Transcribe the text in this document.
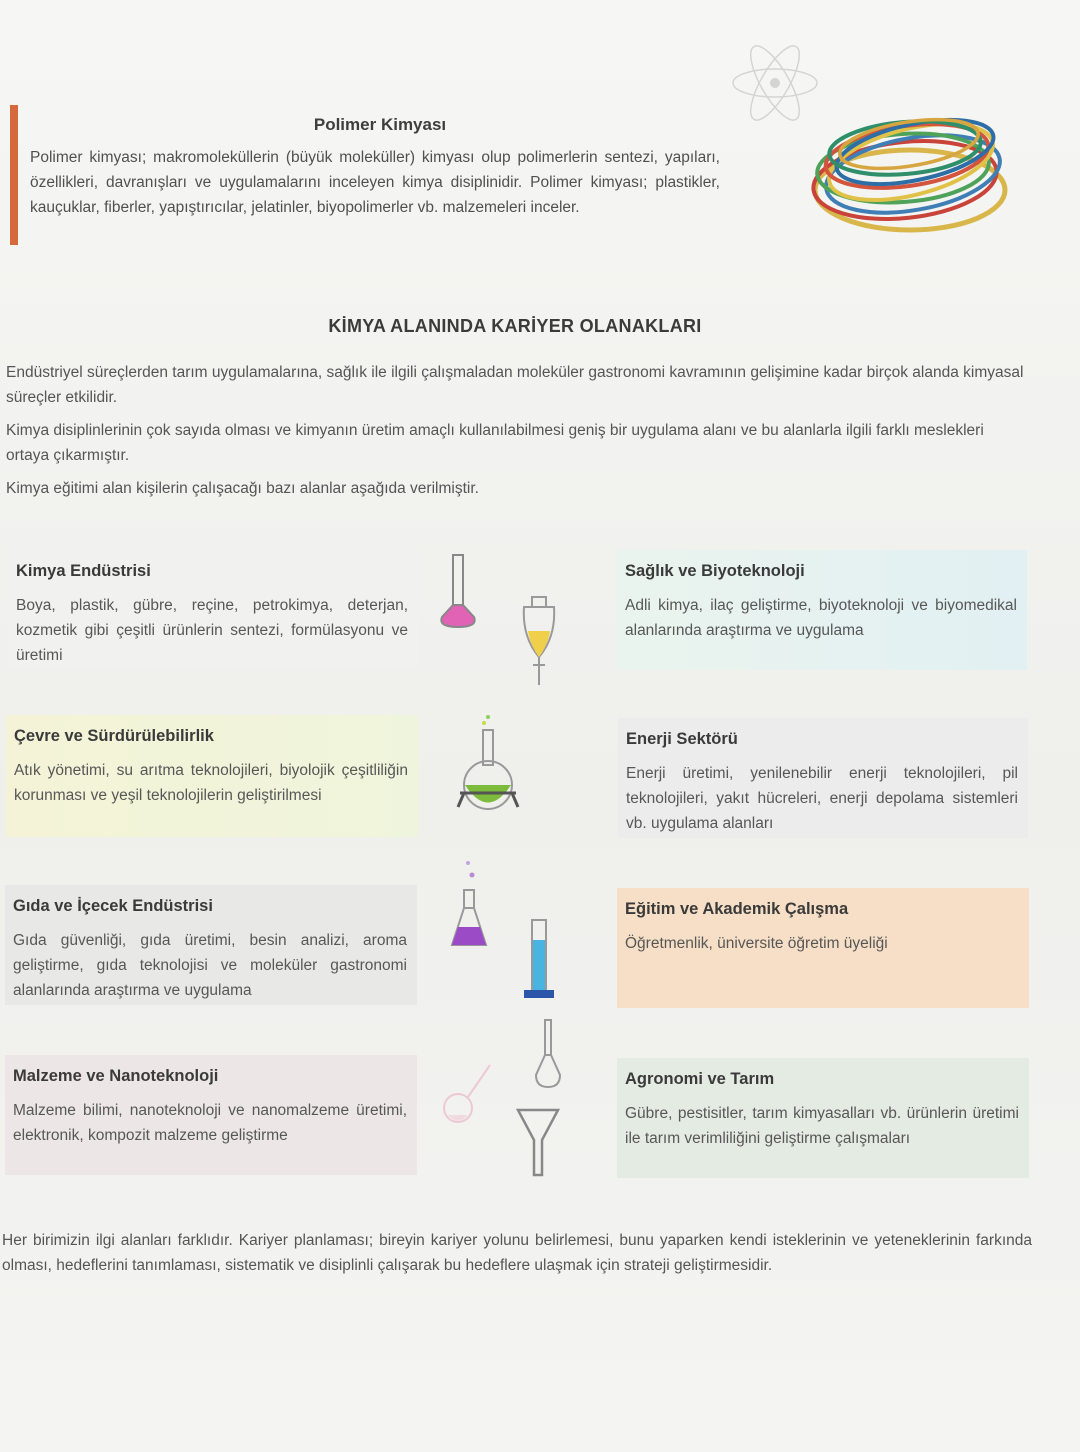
Polimer Kimyası

Polimer kimyası; makromoleküllerin (büyük moleküller) kimyası olup polimerlerin sentezi, yapıları, özellikleri, davranışları ve uygulamalarını inceleyen kimya disiplinidir. Polimer kimyası; plastikler, kauçuklar, fiberler, yapıştırıcılar, jelatinler, biyopolimerler vb. malzemeleri inceler.

KİMYA ALANINDA KARİYER OLANAKLARI

Endüstriyel süreçlerden tarım uygulamalarına, sağlık ile ilgili çalışmaladan moleküler gastronomi kavramının gelişimine kadar birçok alanda kimyasal süreçler etkilidir.

Kimya disiplinlerinin çok sayıda olması ve kimyanın üretim amaçlı kullanılabilmesi geniş bir uygulama alanı ve bu alanlarla ilgili farklı meslekleri ortaya çıkarmıştır.

Kimya eğitimi alan kişilerin çalışacağı bazı alanlar aşağıda verilmiştir.

Kimya Endüstrisi

Boya, plastik, gübre, reçine, petrokimya, deterjan, kozmetik gibi çeşitli ürünlerin sentezi, formülasyonu ve üretimi

Sağlık ve Biyoteknoloji

Adli kimya, ilaç geliştirme, biyoteknoloji ve biyomedikal alanlarında araştırma ve uygulama

Çevre ve Sürdürülebilirlik

Atık yönetimi, su arıtma teknolojileri, biyolojik çeşitliliğin korunması ve yeşil teknolojilerin geliştirilmesi

Enerji Sektörü

Enerji üretimi, yenilenebilir enerji teknolojileri, pil teknolojileri, yakıt hücreleri, enerji depolama sistemleri vb. uygulama alanları

Gıda ve İçecek Endüstrisi

Gıda güvenliği, gıda üretimi, besin analizi, aroma geliştirme, gıda teknolojisi ve moleküler gastronomi alanlarında araştırma ve uygulama

Eğitim ve Akademik Çalışma

Öğretmenlik, üniversite öğretim üyeliği

Malzeme ve Nanoteknoloji

Malzeme bilimi, nanoteknoloji ve nanomalzeme üretimi, elektronik, kompozit malzeme geliştirme

Agronomi ve Tarım

Gübre, pestisitler, tarım kimyasalları vb. ürünlerin üretimi ile tarım verimliliğini geliştirme çalışmaları

Her birimizin ilgi alanları farklıdır. Kariyer planlaması; bireyin kariyer yolunu belirlemesi, bunu yaparken kendi isteklerinin ve yeteneklerinin farkında olması, hedeflerini tanımlaması, sistematik ve disiplinli çalışarak bu hedeflere ulaşmak için strateji geliştirmesidir.
